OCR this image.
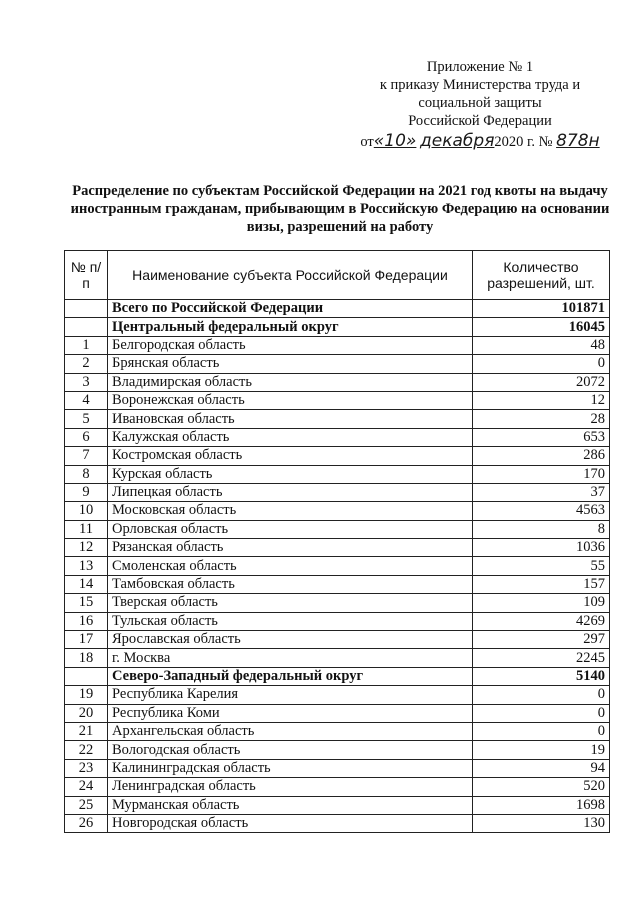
Приложение № 1
к приказу Министерства труда и
социальной защиты
Российской Федерации
от«10» декабря2020 г. № 878н
Распределение по субъектам Российской Федерации на 2021 год квоты на выдачу иностранным гражданам, прибывающим в Российскую Федерацию на основании визы, разрешений на работу
№ п/п	Наименование субъекта Российской Федерации	Количество разрешений, шт.
	Всего по Российской Федерации	101871
	Центральный федеральный округ	16045
1	Белгородская область	48
2	Брянская область	0
3	Владимирская область	2072
4	Воронежская область	12
5	Ивановская область	28
6	Калужская область	653
7	Костромская область	286
8	Курская область	170
9	Липецкая область	37
10	Московская область	4563
11	Орловская область	8
12	Рязанская область	1036
13	Смоленская область	55
14	Тамбовская область	157
15	Тверская область	109
16	Тульская область	4269
17	Ярославская область	297
18	г. Москва	2245
	Северо-Западный федеральный округ	5140
19	Республика Карелия	0
20	Республика Коми	0
21	Архангельская область	0
22	Вологодская область	19
23	Калининградская область	94
24	Ленинградская область	520
25	Мурманская область	1698
26	Новгородская область	130
